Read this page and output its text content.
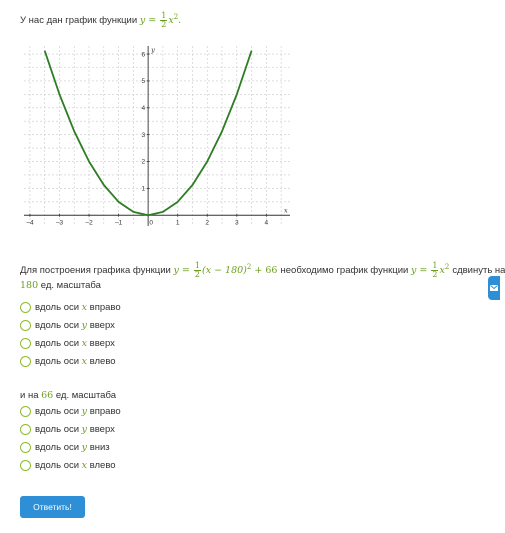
У нас дан график функции $y = \frac{1}{2} x^2$.
−4	−3	−2	−1	0	1	2	3	4
1
2
3
4
5
6
x
y
Для построения графика функции $y = \frac{1}{2} (x - 180)^2 + 66$ необходимо график функции $y = \frac{1}{2} x^2$ сдвинуть на
180 ед. масштаба
вдоль оси x вправо
вдоль оси y вверх
вдоль оси x вверх
вдоль оси x влево
и на 66 ед. масштаба
вдоль оси y вправо
вдоль оси y вверх
вдоль оси y вниз
вдоль оси x влево
Ответить!
